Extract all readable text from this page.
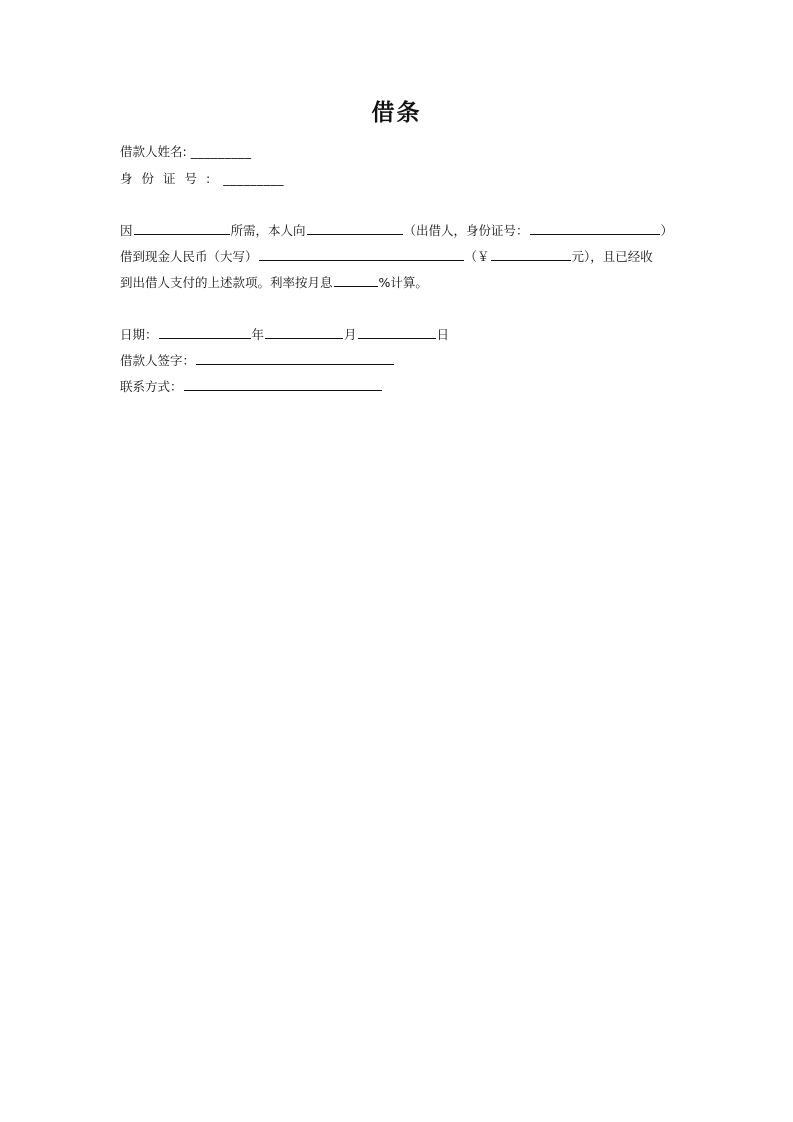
借条
借款人姓名: _________
身份证号: _________
因	所需，本人向	（出借人，身份证号：	）
借到现金人民币（大写）	（￥	元），且已经收
到出借人支付的上述款项。利率按月息	%计算。
日期：	年	月	日
借款人签字：
联系方式：
